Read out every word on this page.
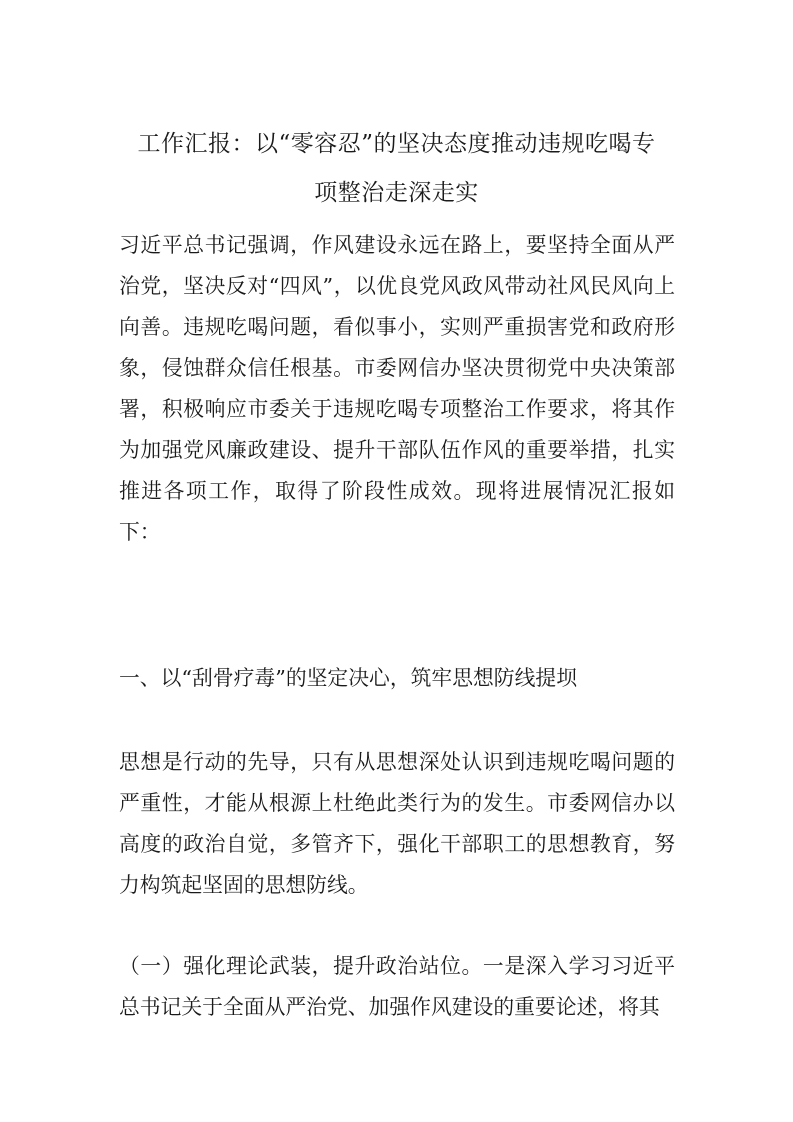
工作汇报：以“零容忍”的坚决态度推动违规吃喝专
项整治走深走实
习近平总书记强调，作风建设永远在路上，要坚持全面从严治党，坚决反对“四风”，以优良党风政风带动社风民风向上向善。违规吃喝问题，看似事小，实则严重损害党和政府形象，侵蚀群众信任根基。市委网信办坚决贯彻党中央决策部署，积极响应市委关于违规吃喝专项整治工作要求，将其作为加强党风廉政建设、提升干部队伍作风的重要举措，扎实推进各项工作，取得了阶段性成效。现将进展情况汇报如下：
一、以“刮骨疗毒”的坚定决心，筑牢思想防线提坝
思想是行动的先导，只有从思想深处认识到违规吃喝问题的严重性，才能从根源上杜绝此类行为的发生。市委网信办以高度的政治自觉，多管齐下，强化干部职工的思想教育，努力构筑起坚固的思想防线。
（一）强化理论武装，提升政治站位。一是深入学习习近平总书记关于全面从严治党、加强作风建设的重要论述，将其
